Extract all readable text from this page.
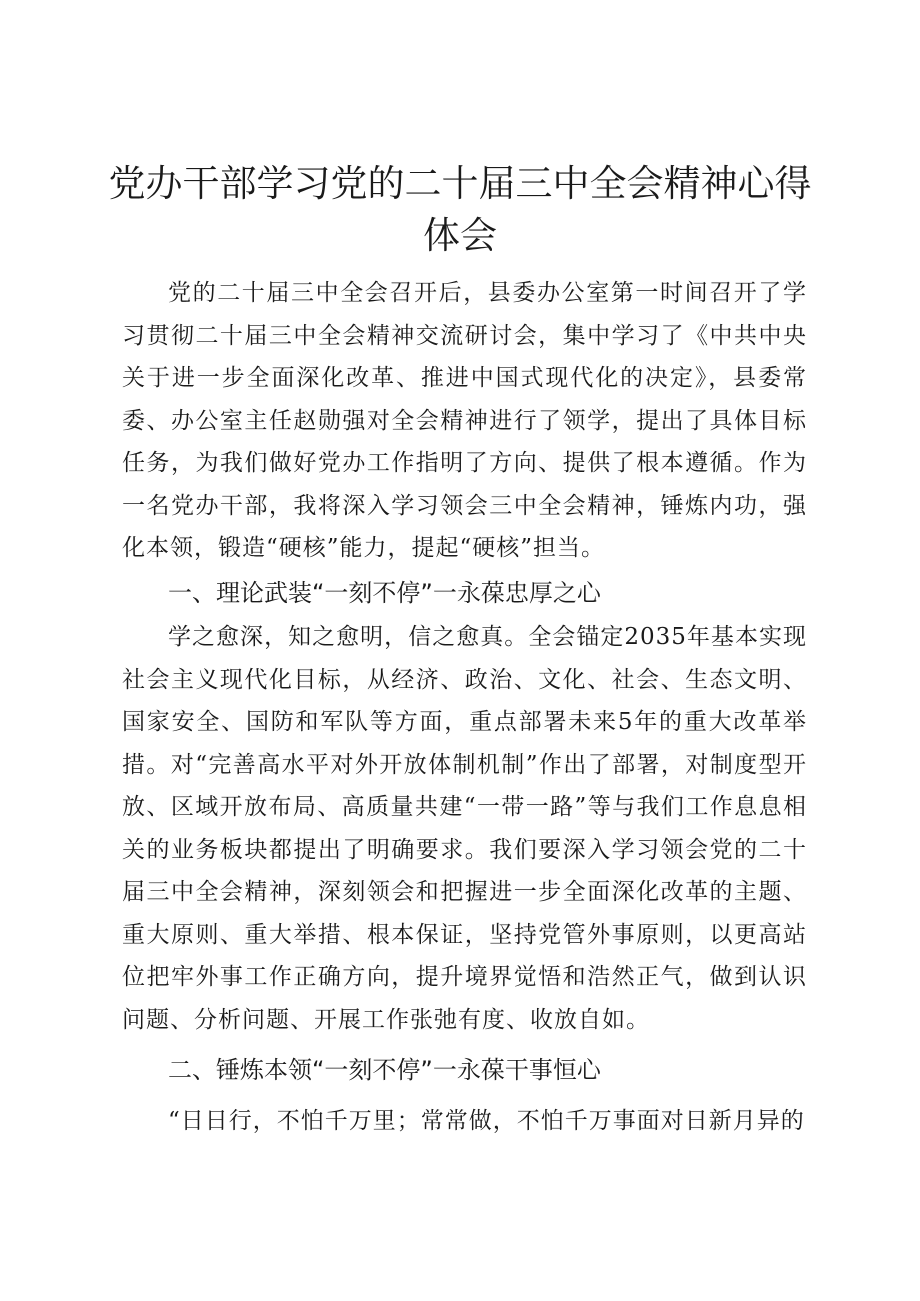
党办干部学习党的二十届三中全会精神心得体会

党的二十届三中全会召开后，县委办公室第一时间召开了学习贯彻二十届三中全会精神交流研讨会，集中学习了《中共中央关于进一步全面深化改革、推进中国式现代化的决定》，县委常委、办公室主任赵勋强对全会精神进行了领学，提出了具体目标任务，为我们做好党办工作指明了方向、提供了根本遵循。作为一名党办干部，我将深入学习领会三中全会精神，锤炼内功，强化本领，锻造“硬核”能力，提起“硬核”担当。

一、理论武装“一刻不停”一永葆忠厚之心

学之愈深，知之愈明，信之愈真。全会锚定2035年基本实现社会主义现代化目标，从经济、政治、文化、社会、生态文明、国家安全、国防和军队等方面，重点部署未来5年的重大改革举措。对“完善高水平对外开放体制机制”作出了部署，对制度型开放、区域开放布局、高质量共建“一带一路”等与我们工作息息相关的业务板块都提出了明确要求。我们要深入学习领会党的二十届三中全会精神，深刻领会和把握进一步全面深化改革的主题、重大原则、重大举措、根本保证，坚持党管外事原则，以更高站位把牢外事工作正确方向，提升境界觉悟和浩然正气，做到认识问题、分析问题、开展工作张弛有度、收放自如。

二、锤炼本领“一刻不停”一永葆干事恒心

“日日行，不怕千万里；常常做，不怕千万事面对日新月异的
